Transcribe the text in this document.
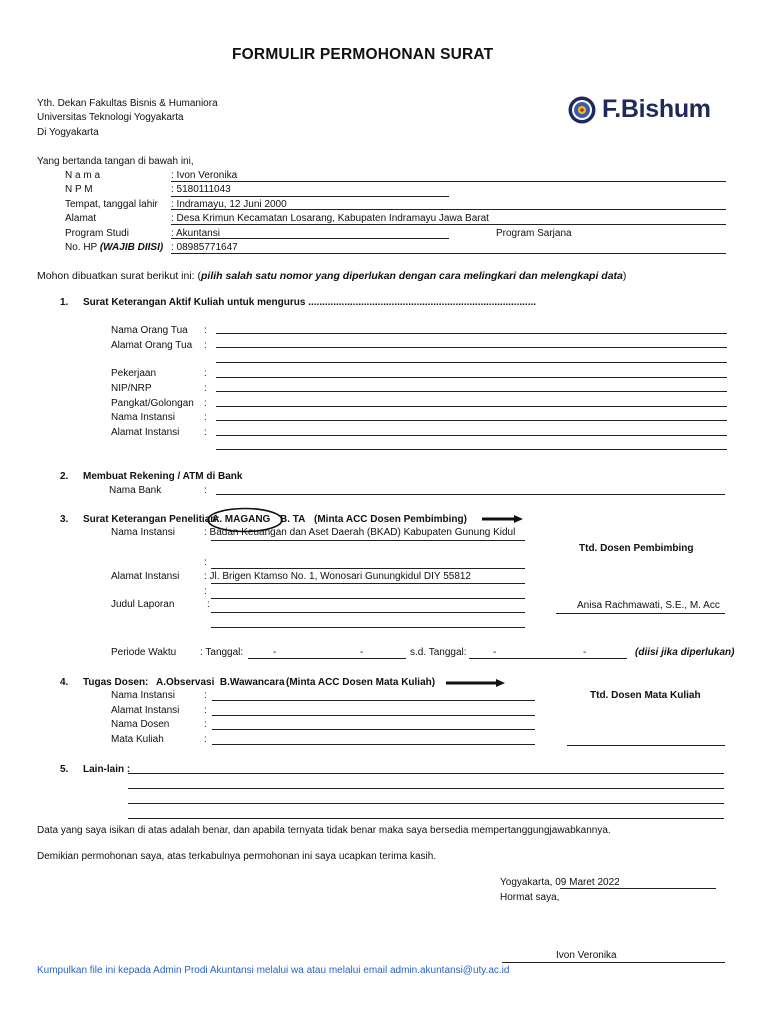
FORMULIR PERMOHONAN SURAT
F.Bishum
Yth. Dekan Fakultas Bisnis & Humaniora
Universitas Teknologi Yogyakarta
Di Yogyakarta
Yang bertanda tangan di bawah ini,
N a m a	: Ivon Veronika
N P M	: 5180111043
Tempat, tanggal lahir : Indramayu, 12 Juni 2000
Alamat	: Desa Krimun Kecamatan Losarang, Kabupaten Indramayu Jawa Barat
Program Studi	: Akuntansi	Program Sarjana
No. HP (WAJIB DIISI) : 08985771647
Mohon dibuatkan surat berikut ini: (pilih salah satu nomor yang diperlukan dengan cara melingkari dan melengkapi data)
1. Surat Keterangan Aktif Kuliah untuk mengurus ..................................................................................
Nama Orang Tua :
Alamat Orang Tua :
Pekerjaan	:
NIP/NRP	:
Pangkat/Golongan :
Nama Instansi	:
Alamat Instansi :
2. Membuat Rekening / ATM di Bank
Nama Bank	:
3. Surat Keterangan Penelitian:
A. MAGANG B. TA (Minta ACC Dosen Pembimbing)
Nama Instansi	: Badan Keuangan dan Aset Daerah (BKAD) Kabupaten Gunung Kidul
Ttd. Dosen Pembimbing
:
Alamat Instansi : Jl. Brigen Ktamso No. 1, Wonosari Gunungkidul DIY 55812
:
Judul Laporan	:	Anisa Rachmawati, S.E., M. Acc
Periode Waktu : Tanggal:	-	-	s.d. Tanggal:	-	-	(diisi jika diperlukan)
4. Tugas Dosen: A.Observasi  B.Wawancara (Minta ACC Dosen Mata Kuliah)
Nama Instansi	:	Ttd. Dosen Mata Kuliah
Alamat Instansi :
Nama Dosen	:
Mata Kuliah	:
5. Lain-lain :
Data yang saya isikan di atas adalah benar, dan apabila ternyata tidak benar maka saya bersedia mempertanggungjawabkannya.
Demikian permohonan saya, atas terkabulnya permohonan ini saya ucapkan terima kasih.
Yogyakarta, 09 Maret 2022
Hormat saya,
Ivon Veronika
Kumpulkan file ini kepada Admin Prodi Akuntansi melalui wa atau melalui email admin.akuntansi@uty.ac.id
